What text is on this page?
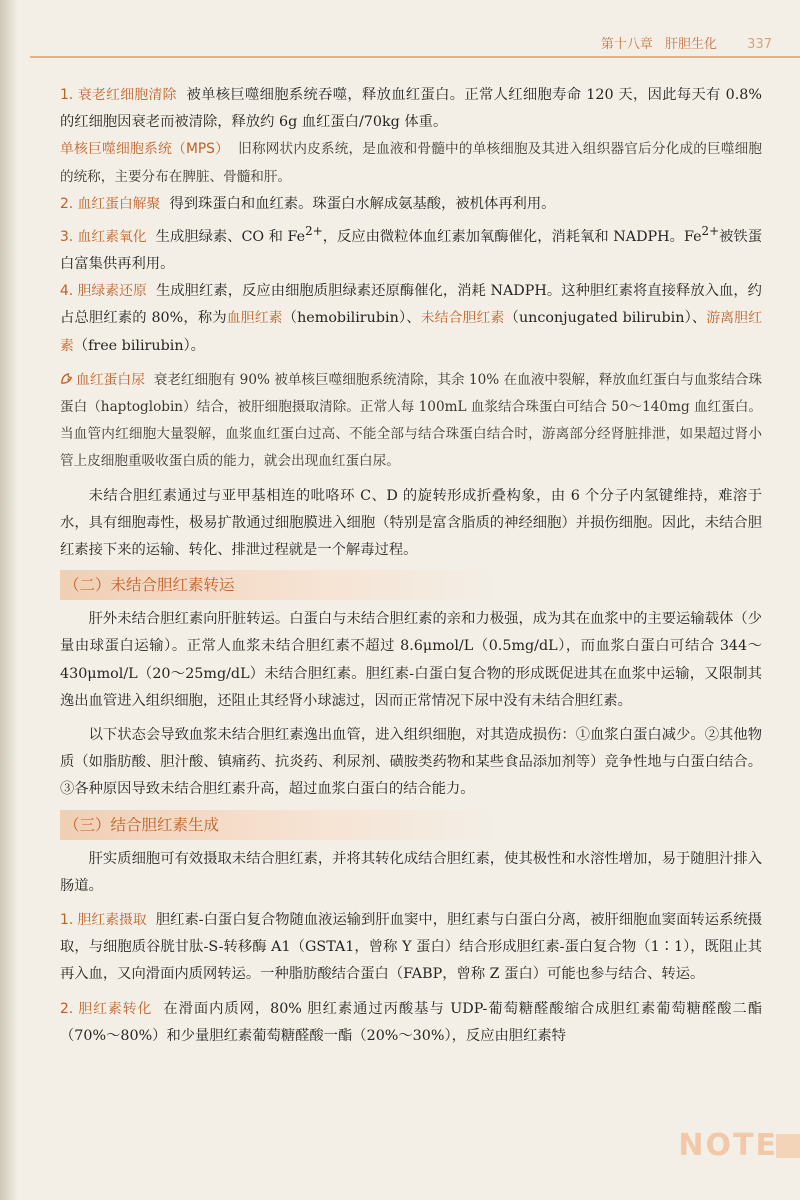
第十八章 肝胆生化 337

1. 衰老红细胞清除 被单核巨噬细胞系统吞噬，释放血红蛋白。正常人红细胞寿命 120 天，因此每天有 0.8% 的红细胞因衰老而被清除，释放约 6g 血红蛋白/70kg 体重。

单核巨噬细胞系统（MPS） 旧称网状内皮系统，是血液和骨髓中的单核细胞及其进入组织器官后分化成的巨噬细胞的统称，主要分布在脾脏、骨髓和肝。

2. 血红蛋白解聚 得到珠蛋白和血红素。珠蛋白水解成氨基酸，被机体再利用。

3. 血红素氧化 生成胆绿素、CO 和 $Fe^{2+}$，反应由微粒体血红素加氧酶催化，消耗氧和 NADPH。$Fe^{2+}$被铁蛋白富集供再利用。

4. 胆绿素还原 生成胆红素，反应由细胞质胆绿素还原酶催化，消耗 NADPH。这种胆红素将直接释放入血，约占总胆红素的 80%，称为血胆红素（hemobilirubin）、未结合胆红素（unconjugated bilirubin）、游离胆红素（free bilirubin）。

血红蛋白尿 衰老红细胞有 90% 被单核巨噬细胞系统清除，其余 10% 在血液中裂解，释放血红蛋白与血浆结合珠蛋白（haptoglobin）结合，被肝细胞摄取清除。正常人每 100mL 血浆结合珠蛋白可结合 50～140mg 血红蛋白。当血管内红细胞大量裂解，血浆血红蛋白过高、不能全部与结合珠蛋白结合时，游离部分经肾脏排泄，如果超过肾小管上皮细胞重吸收蛋白质的能力，就会出现血红蛋白尿。

未结合胆红素通过与亚甲基相连的吡咯环 C、D 的旋转形成折叠构象，由 6 个分子内氢键维持，难溶于水，具有细胞毒性，极易扩散通过细胞膜进入细胞（特别是富含脂质的神经细胞）并损伤细胞。因此，未结合胆红素接下来的运输、转化、排泄过程就是一个解毒过程。

（二）未结合胆红素转运

肝外未结合胆红素向肝脏转运。白蛋白与未结合胆红素的亲和力极强，成为其在血浆中的主要运输载体（少量由球蛋白运输）。正常人血浆未结合胆红素不超过 8.6μmol/L（0.5mg/dL），而血浆白蛋白可结合 344～430μmol/L（20～25mg/dL）未结合胆红素。胆红素-白蛋白复合物的形成既促进其在血浆中运输，又限制其逸出血管进入组织细胞，还阻止其经肾小球滤过，因而正常情况下尿中没有未结合胆红素。

以下状态会导致血浆未结合胆红素逸出血管，进入组织细胞，对其造成损伤：①血浆白蛋白减少。②其他物质（如脂肪酸、胆汁酸、镇痛药、抗炎药、利尿剂、磺胺类药物和某些食品添加剂等）竞争性地与白蛋白结合。③各种原因导致未结合胆红素升高，超过血浆白蛋白的结合能力。

（三）结合胆红素生成

肝实质细胞可有效摄取未结合胆红素，并将其转化成结合胆红素，使其极性和水溶性增加，易于随胆汁排入肠道。

1. 胆红素摄取 胆红素-白蛋白复合物随血液运输到肝血窦中，胆红素与白蛋白分离，被肝细胞血窦面转运系统摄取，与细胞质谷胱甘肽-S-转移酶 A1（GSTA1，曾称 Y 蛋白）结合形成胆红素-蛋白复合物（1∶1），既阻止其再入血，又向滑面内质网转运。一种脂肪酸结合蛋白（FABP，曾称 Z 蛋白）可能也参与结合、转运。

2. 胆红素转化 在滑面内质网，80% 胆红素通过丙酸基与 UDP-葡萄糖醛酸缩合成胆红素葡萄糖醛酸二酯（70%～80%）和少量胆红素葡萄糖醛酸一酯（20%～30%），反应由胆红素特

NOTE
